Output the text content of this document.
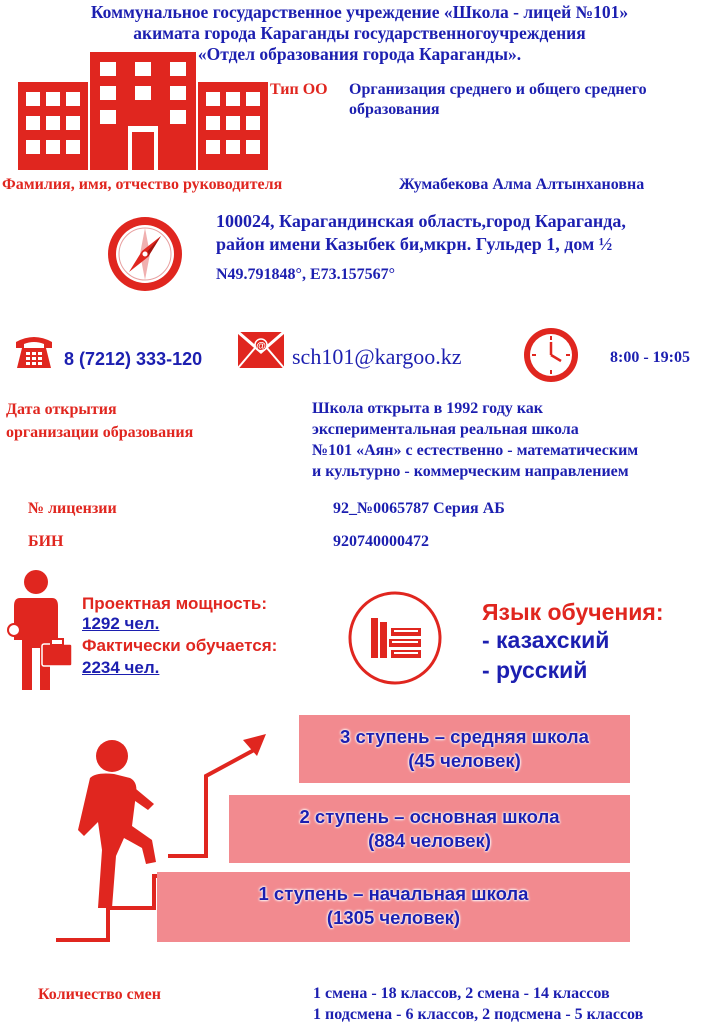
Коммунальное государственное учреждение «Школа - лицей №101»
акимата города Караганды государственногоучреждения
«Отдел образования города Караганды».
Тип ОО Организация среднего и общего среднего
образования
Фамилия, имя, отчество руководителя	Жумабекова Алма Алтынхановна
100024, Карагандинская область,город Караганда,
район имени Казыбек би,мкрн. Гульдер 1, дом ½
N49.791848°, E73.157567°
8 (7212) 333-120
@ sch101@kargoo.kz	8:00 - 19:05
Дата открытия
организации образования
Школа открыта в 1992 году как
экспериментальная реальная школа
№101 «Аян» с естественно - математическим
и культурно - коммерческим направлением
№ лицензии	92_№0065787 Серия АБ
БИН	920740000472
Проектная мощность:
1292 чел.
Фактически обучается:
2234 чел.
Язык обучения:
- казахский
- русский
3 ступень – средняя школа
(45 человек)
2 ступень – основная школа
(884 человек)
1 ступень – начальная школа
(1305 человек)
Количество смен	1 смена - 18 классов, 2 смена - 14 классов
1 подсмена - 6 классов, 2 подсмена - 5 классов
